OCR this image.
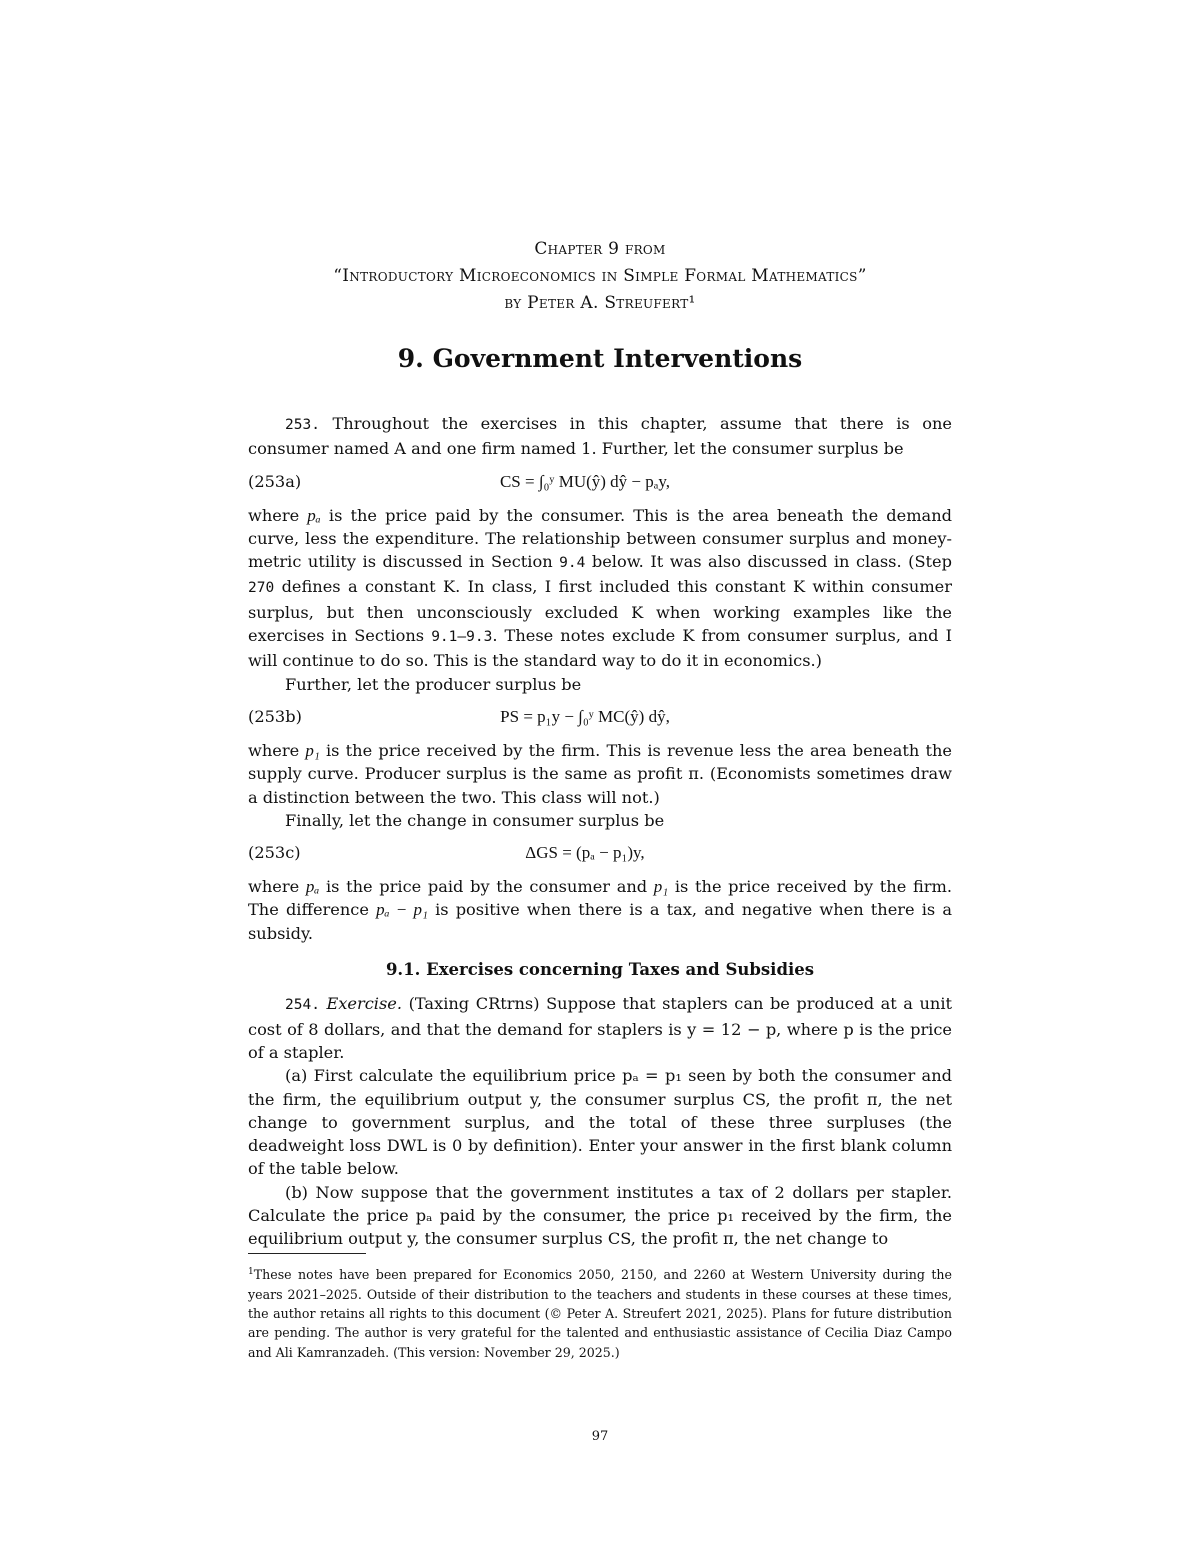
Chapter 9 from
“Introductory Microeconomics in Simple Formal Mathematics”
by Peter A. Streufert¹
9. Government Interventions

253. Throughout the exercises in this chapter, assume that there is one consumer named A and one firm named 1. Further, let the consumer surplus be

(253a)	CS = ∫₀ʸ MU(ŷ) dŷ − pₐy,

where pₐ is the price paid by the consumer. This is the area beneath the demand curve, less the expenditure. The relationship between consumer surplus and money-metric utility is discussed in Section 9.4 below. It was also discussed in class. (Step 270 defines a constant K. In class, I first included this constant K within consumer surplus, but then unconsciously excluded K when working examples like the exercises in Sections 9.1–9.3. These notes exclude K from consumer surplus, and I will continue to do so. This is the standard way to do it in economics.)

Further, let the producer surplus be

(253b)	PS = p₁y − ∫₀ʸ MC(ŷ) dŷ,

where p₁ is the price received by the firm. This is revenue less the area beneath the supply curve. Producer surplus is the same as profit π. (Economists sometimes draw a distinction between the two. This class will not.)

Finally, let the change in consumer surplus be

(253c)	ΔGS = (pₐ − p₁)y,

where pₐ is the price paid by the consumer and p₁ is the price received by the firm. The difference pₐ − p₁ is positive when there is a tax, and negative when there is a subsidy.

9.1. Exercises concerning Taxes and Subsidies

254. Exercise. (Taxing CRtrns) Suppose that staplers can be produced at a unit cost of 8 dollars, and that the demand for staplers is y = 12 − p, where p is the price of a stapler.

(a) First calculate the equilibrium price pₐ = p₁ seen by both the consumer and the firm, the equilibrium output y, the consumer surplus CS, the profit π, the net change to government surplus, and the total of these three surpluses (the deadweight loss DWL is 0 by definition). Enter your answer in the first blank column of the table below.

(b) Now suppose that the government institutes a tax of 2 dollars per stapler. Calculate the price pₐ paid by the consumer, the price p₁ received by the firm, the equilibrium output y, the consumer surplus CS, the profit π, the net change to

$^1$These notes have been prepared for Economics 2050, 2150, and 2260 at Western University during the years 2021–2025. Outside of their distribution to the teachers and students in these courses at these times, the author retains all rights to this document (© Peter A. Streufert 2021, 2025). Plans for future distribution are pending. The author is very grateful for the talented and enthusiastic assistance of Cecilia Diaz Campo and Ali Kamranzadeh. (This version: November 29, 2025.)
97
